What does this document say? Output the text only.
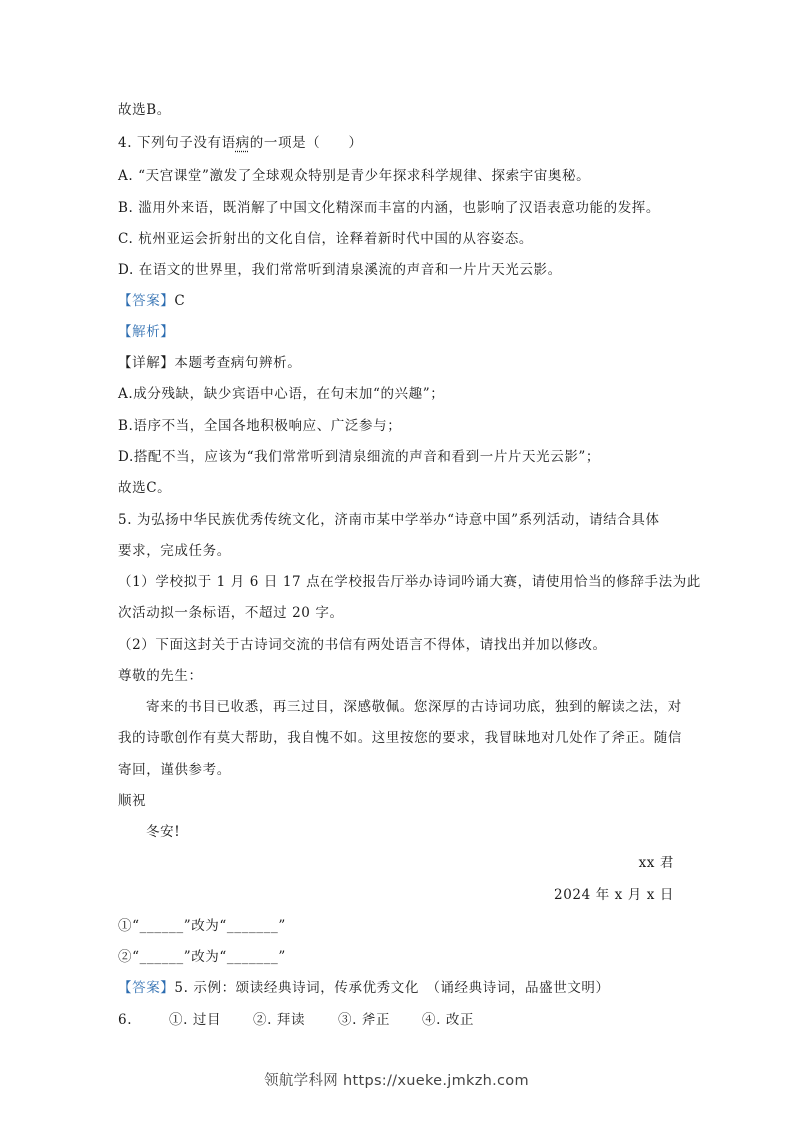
故选B。
4. 下列句子没有语病的一项是（　　）
A. “天宫课堂”激发了全球观众特别是青少年探求科学规律、探索宇宙奥秘。
B. 滥用外来语，既消解了中国文化精深而丰富的内涵，也影响了汉语表意功能的发挥。
C. 杭州亚运会折射出的文化自信，诠释着新时代中国的从容姿态。
D. 在语文的世界里，我们常常听到清泉溪流的声音和一片片天光云影。
【答案】C
【解析】
【详解】本题考查病句辨析。
A.成分残缺，缺少宾语中心语，在句末加“的兴趣”；
B.语序不当，全国各地积极响应、广泛参与；
D.搭配不当，应该为“我们常常听到清泉细流的声音和看到一片片天光云影”；
故选C。
5. 为弘扬中华民族优秀传统文化，济南市某中学举办“诗意中国”系列活动，请结合具体
要求，完成任务。
（1）学校拟于 1 月 6 日 17 点在学校报告厅举办诗词吟诵大赛，请使用恰当的修辞手法为此
次活动拟一条标语，不超过 20 字。
（2）下面这封关于古诗词交流的书信有两处语言不得体，请找出并加以修改。
尊敬的先生：
寄来的书目已收悉，再三过目，深感敬佩。您深厚的古诗词功底，独到的解读之法，对
我的诗歌创作有莫大帮助，我自愧不如。这里按您的要求，我冒昧地对几处作了斧正。随信
寄回，谨供参考。
顺祝
冬安!
xx 君
2024 年 x 月 x 日
①“______”改为“_______”
②“______”改为“_______”
【答案】5. 示例：颂读经典诗词，传承优秀文化　（诵经典诗词，品盛世文明）
6.	①. 过目 ②. 拜读 ③. 斧正 ④. 改正
领航学科网 https://xueke.jmkzh.com
